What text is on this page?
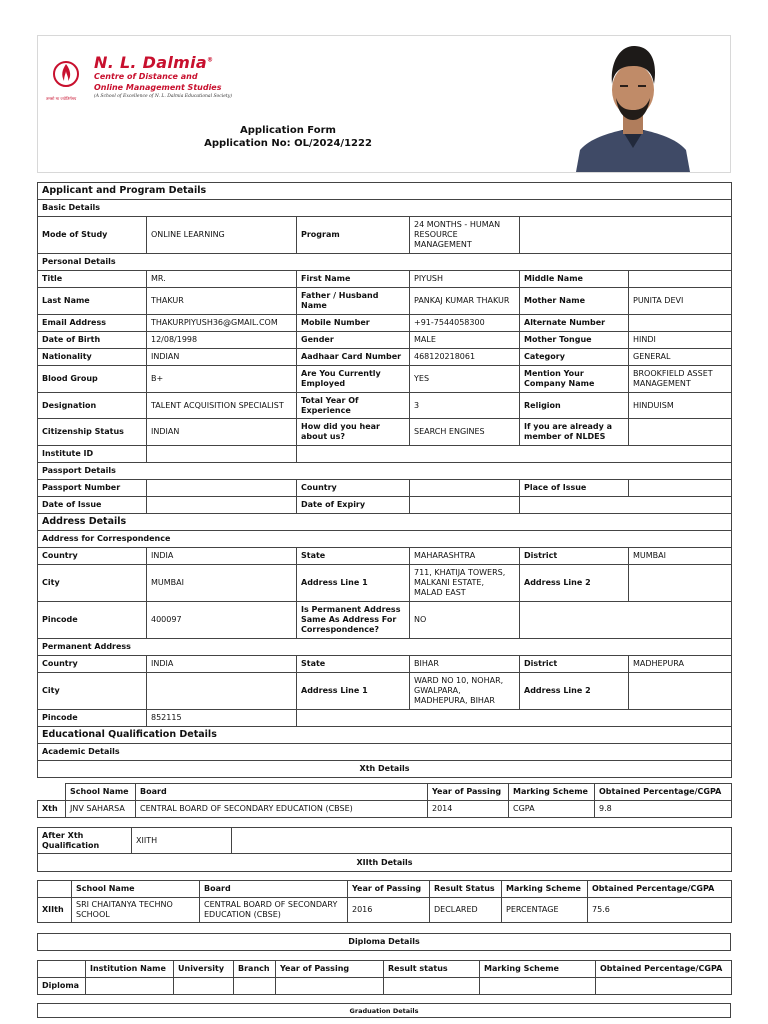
तमसो मा ज्योतिर्गमय
N. L. Dalmia®
Centre of Distance and
Online Management Studies
(A School of Excellence of N. L. Dalmia Educational Society)
Application Form
Application No: OL/2024/1222
Applicant and Program Details					
Basic Details					
Mode of Study	ONLINE LEARNING	Program	24 MONTHS - HUMAN RESOURCE MANAGEMENT		
Personal Details					
Title	MR.	First Name	PIYUSH	Middle Name	
Last Name	THAKUR	Father / Husband Name	PANKAJ KUMAR THAKUR	Mother Name	PUNITA DEVI
Email Address	THAKURPIYUSH36@GMAIL.COM	Mobile Number	+91-7544058300	Alternate Number	
Date of Birth	12/08/1998	Gender	MALE	Mother Tongue	HINDI
Nationality	INDIAN	Aadhaar Card Number	468120218061	Category	GENERAL
Blood Group	B+	Are You Currently Employed	YES	Mention Your Company Name	BROOKFIELD ASSET MANAGEMENT
Designation	TALENT ACQUISITION SPECIALIST	Total Year Of Experience	3	Religion	HINDUISM
Citizenship Status	INDIAN	How did you hear about us?	SEARCH ENGINES	If you are already a member of NLDES	
Institute ID					
Passport Details					
Passport Number		Country		Place of Issue	
Date of Issue		Date of Expiry			
Address Details					
Address for Correspondence					
Country	INDIA	State	MAHARASHTRA	District	MUMBAI
City	MUMBAI	Address Line 1	711, KHATIJA TOWERS, MALKANI ESTATE, MALAD EAST	Address Line 2	
Pincode	400097	Is Permanent Address Same As Address For Correspondence?	NO		
Permanent Address					
Country	INDIA	State	BIHAR	District	MADHEPURA
City		Address Line 1	WARD NO 10, NOHAR, GWALPARA, MADHEPURA, BIHAR	Address Line 2	
Pincode	852115				
Educational Qualification Details					
Academic Details					
Xth Details					
	School Name	Board	Year of Passing	Marking Scheme	Obtained Percentage/CGPA
Xth	JNV SAHARSA	CENTRAL BOARD OF SECONDARY EDUCATION (CBSE)	2014	CGPA	9.8
After Xth Qualification	XIITH	
XIIth Details
	School Name	Board	Year of Passing	Result Status	Marking Scheme	Obtained Percentage/CGPA
XIIth	SRI CHAITANYA TECHNO SCHOOL	CENTRAL BOARD OF SECONDARY EDUCATION (CBSE)	2016	DECLARED	PERCENTAGE	75.6
Diploma Details
	Institution Name	University	Branch	Year of Passing	Result status	Marking Scheme	Obtained Percentage/CGPA
Diploma							
Graduation Details
